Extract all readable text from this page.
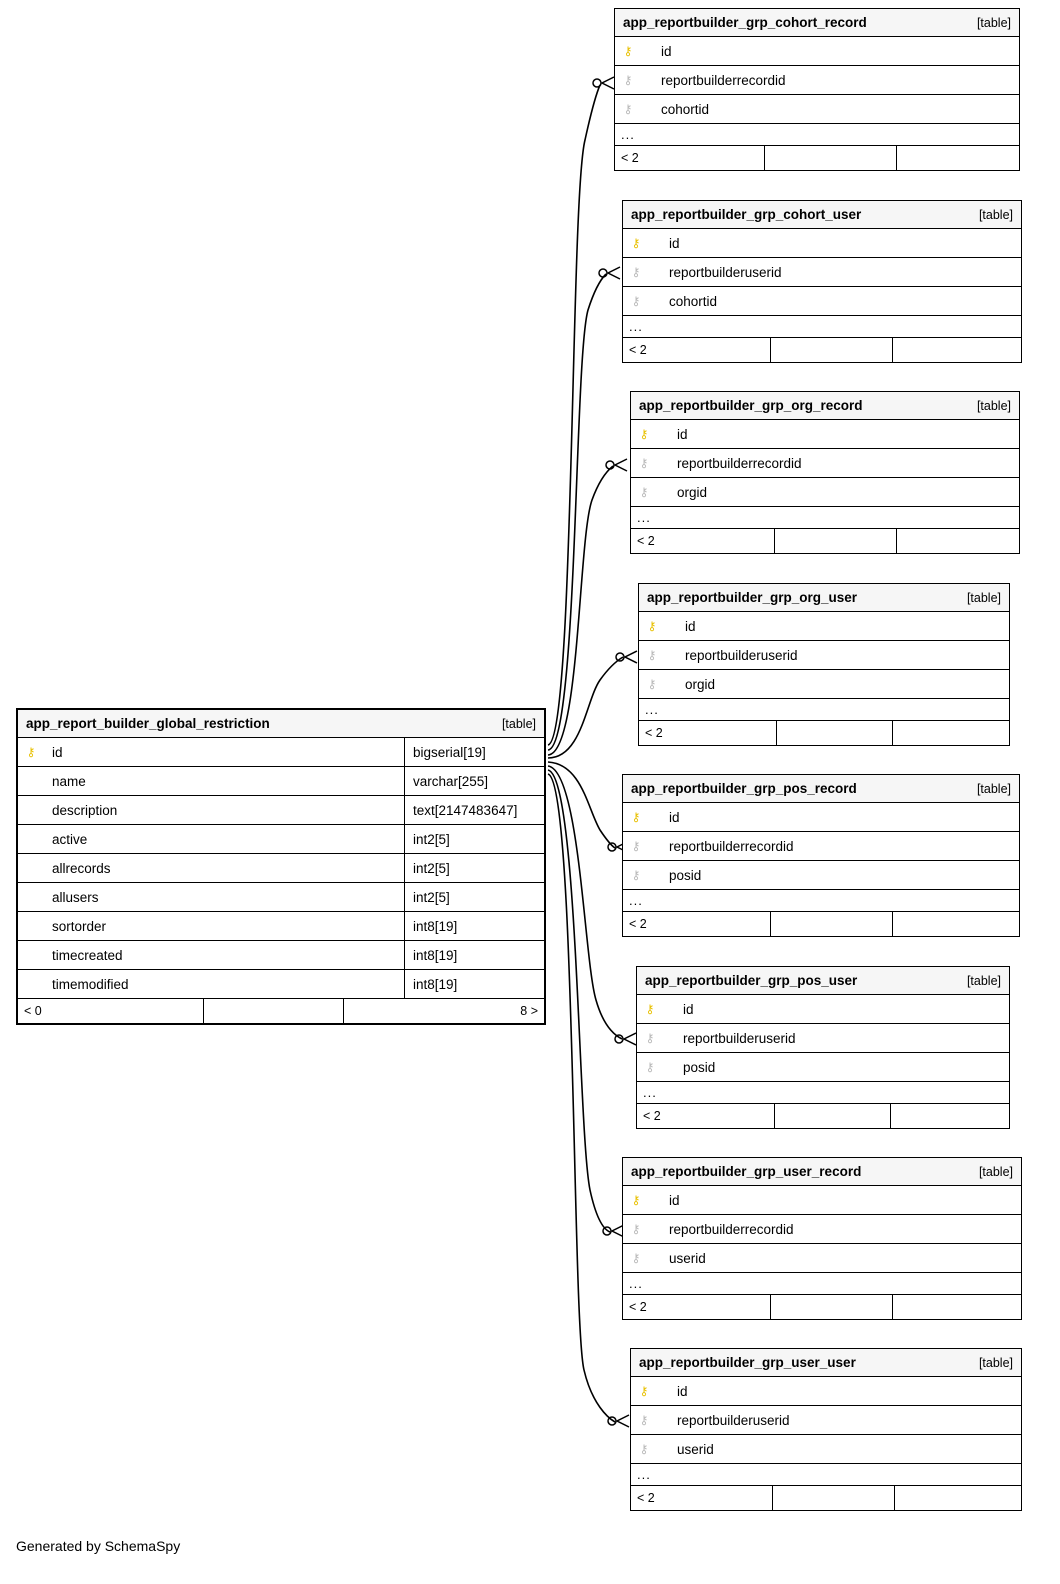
app_report_builder_global_restriction	[table]
⚷	id	bigserial[19]
name	varchar[255]
description	text[2147483647]
active	int2[5]
allrecords	int2[5]
allusers	int2[5]
sortorder	int8[19]
timecreated	int8[19]
timemodified	int8[19]
< 0	8 >
app_reportbuilder_grp_cohort_record	[table]
⚷	id
⚷	reportbuilderrecordid
⚷	cohortid
...
< 2
app_reportbuilder_grp_cohort_user	[table]
⚷	id
⚷	reportbuilderuserid
⚷	cohortid
...
< 2
app_reportbuilder_grp_org_record	[table]
⚷	id
⚷	reportbuilderrecordid
⚷	orgid
...
< 2
app_reportbuilder_grp_org_user	[table]
⚷	id
⚷	reportbuilderuserid
⚷	orgid
...
< 2
app_reportbuilder_grp_pos_record	[table]
⚷	id
⚷	reportbuilderrecordid
⚷	posid
...
< 2
app_reportbuilder_grp_pos_user	[table]
⚷	id
⚷	reportbuilderuserid
⚷	posid
...
< 2
app_reportbuilder_grp_user_record	[table]
⚷	id
⚷	reportbuilderrecordid
⚷	userid
...
< 2
app_reportbuilder_grp_user_user	[table]
⚷	id
⚷	reportbuilderuserid
⚷	userid
...
< 2
Generated by SchemaSpy
